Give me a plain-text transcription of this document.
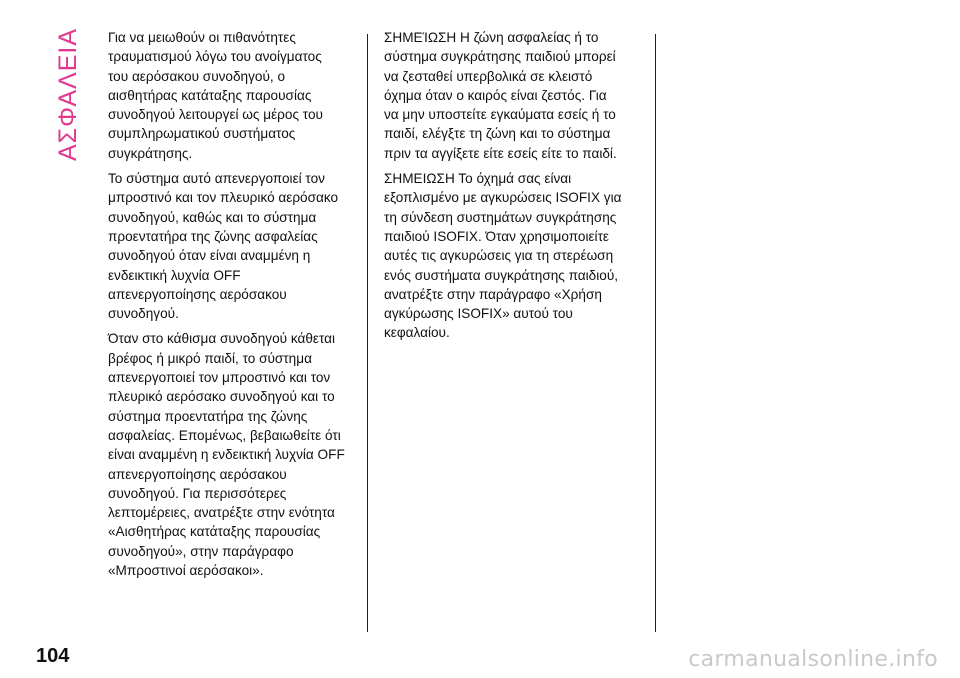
ΑΣΦΑΛΕΙΑ Για να μειωθούν οι πιθανότητες
τραυματισμού λόγω του ανοίγματος
του αερόσακου συνοδηγού, ο
αισθητήρας κατάταξης παρουσίας
συνοδηγού λειτουργεί ως μέρος του
συμπληρωματικού συστήματος
συγκράτησης.

Το σύστημα αυτό απενεργοποιεί τον
μπροστινό και τον πλευρικό αερόσακο
συνοδηγού, καθώς και το σύστημα
προεντατήρα της ζώνης ασφαλείας
συνοδηγού όταν είναι αναμμένη η
ενδεικτική λυχνία OFF
απενεργοποίησης αερόσακου
συνοδηγού.

Όταν στο κάθισμα συνοδηγού κάθεται
βρέφος ή μικρό παιδί, το σύστημα
απενεργοποιεί τον μπροστινό και τον
πλευρικό αερόσακο συνοδηγού και το
σύστημα προεντατήρα της ζώνης
ασφαλείας. Επομένως, βεβαιωθείτε ότι
είναι αναμμένη η ενδεικτική λυχνία OFF
απενεργοποίησης αερόσακου
συνοδηγού. Για περισσότερες
λεπτομέρειες, ανατρέξτε στην ενότητα
«Αισθητήρας κατάταξης παρουσίας
συνοδηγού», στην παράγραφο
«Μπροστινοί αερόσακοι».

ΣΗΜΕΊΩΣΗ Η ζώνη ασφαλείας ή το
σύστημα συγκράτησης παιδιού μπορεί
να ζεσταθεί υπερβολικά σε κλειστό
όχημα όταν ο καιρός είναι ζεστός. Για
να μην υποστείτε εγκαύματα εσείς ή το
παιδί, ελέγξτε τη ζώνη και το σύστημα
πριν τα αγγίξετε είτε εσείς είτε το παιδί.

ΣΗΜΕΙΩΣΗ Το όχημά σας είναι
εξοπλισμένο με αγκυρώσεις ISOFIX για
τη σύνδεση συστημάτων συγκράτησης
παιδιού ISOFIX. Όταν χρησιμοποιείτε
αυτές τις αγκυρώσεις για τη στερέωση
ενός συστήματα συγκράτησης παιδιού,
ανατρέξτε στην παράγραφο «Χρήση
αγκύρωσης ISOFIX» αυτού του
κεφαλαίου.

104	carmanualsonline.info
